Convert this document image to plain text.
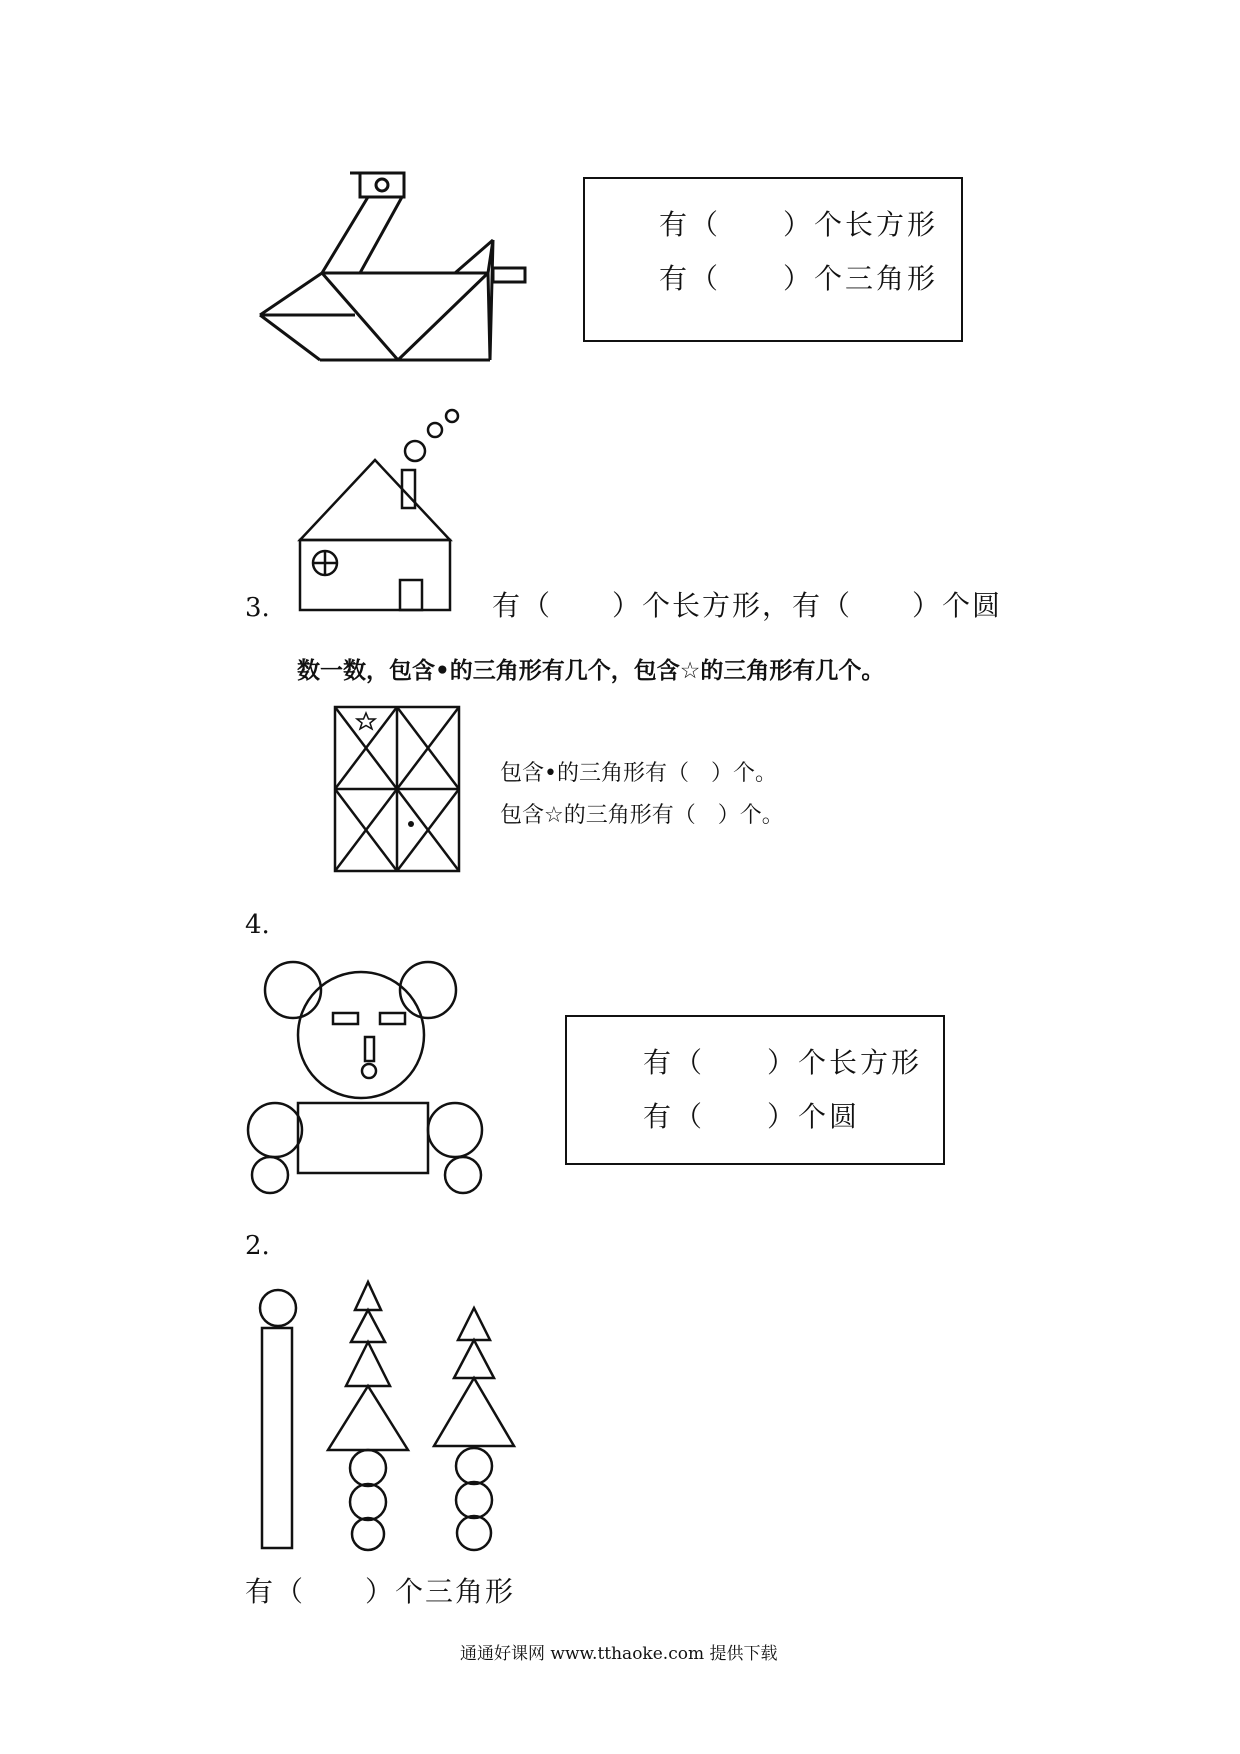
有（　　）个长方形
有（　　）个三角形
3.	有（　　）个长方形，有（　　）个圆
数一数，包含•的三角形有几个，包含☆的三角形有几个。
包含•的三角形有（　）个。
包含☆的三角形有（　）个。
4.
有（　　）个长方形
有（　　）个圆
2.
有（　　）个三角形
通通好课网 www.tthaoke.com 提供下载
